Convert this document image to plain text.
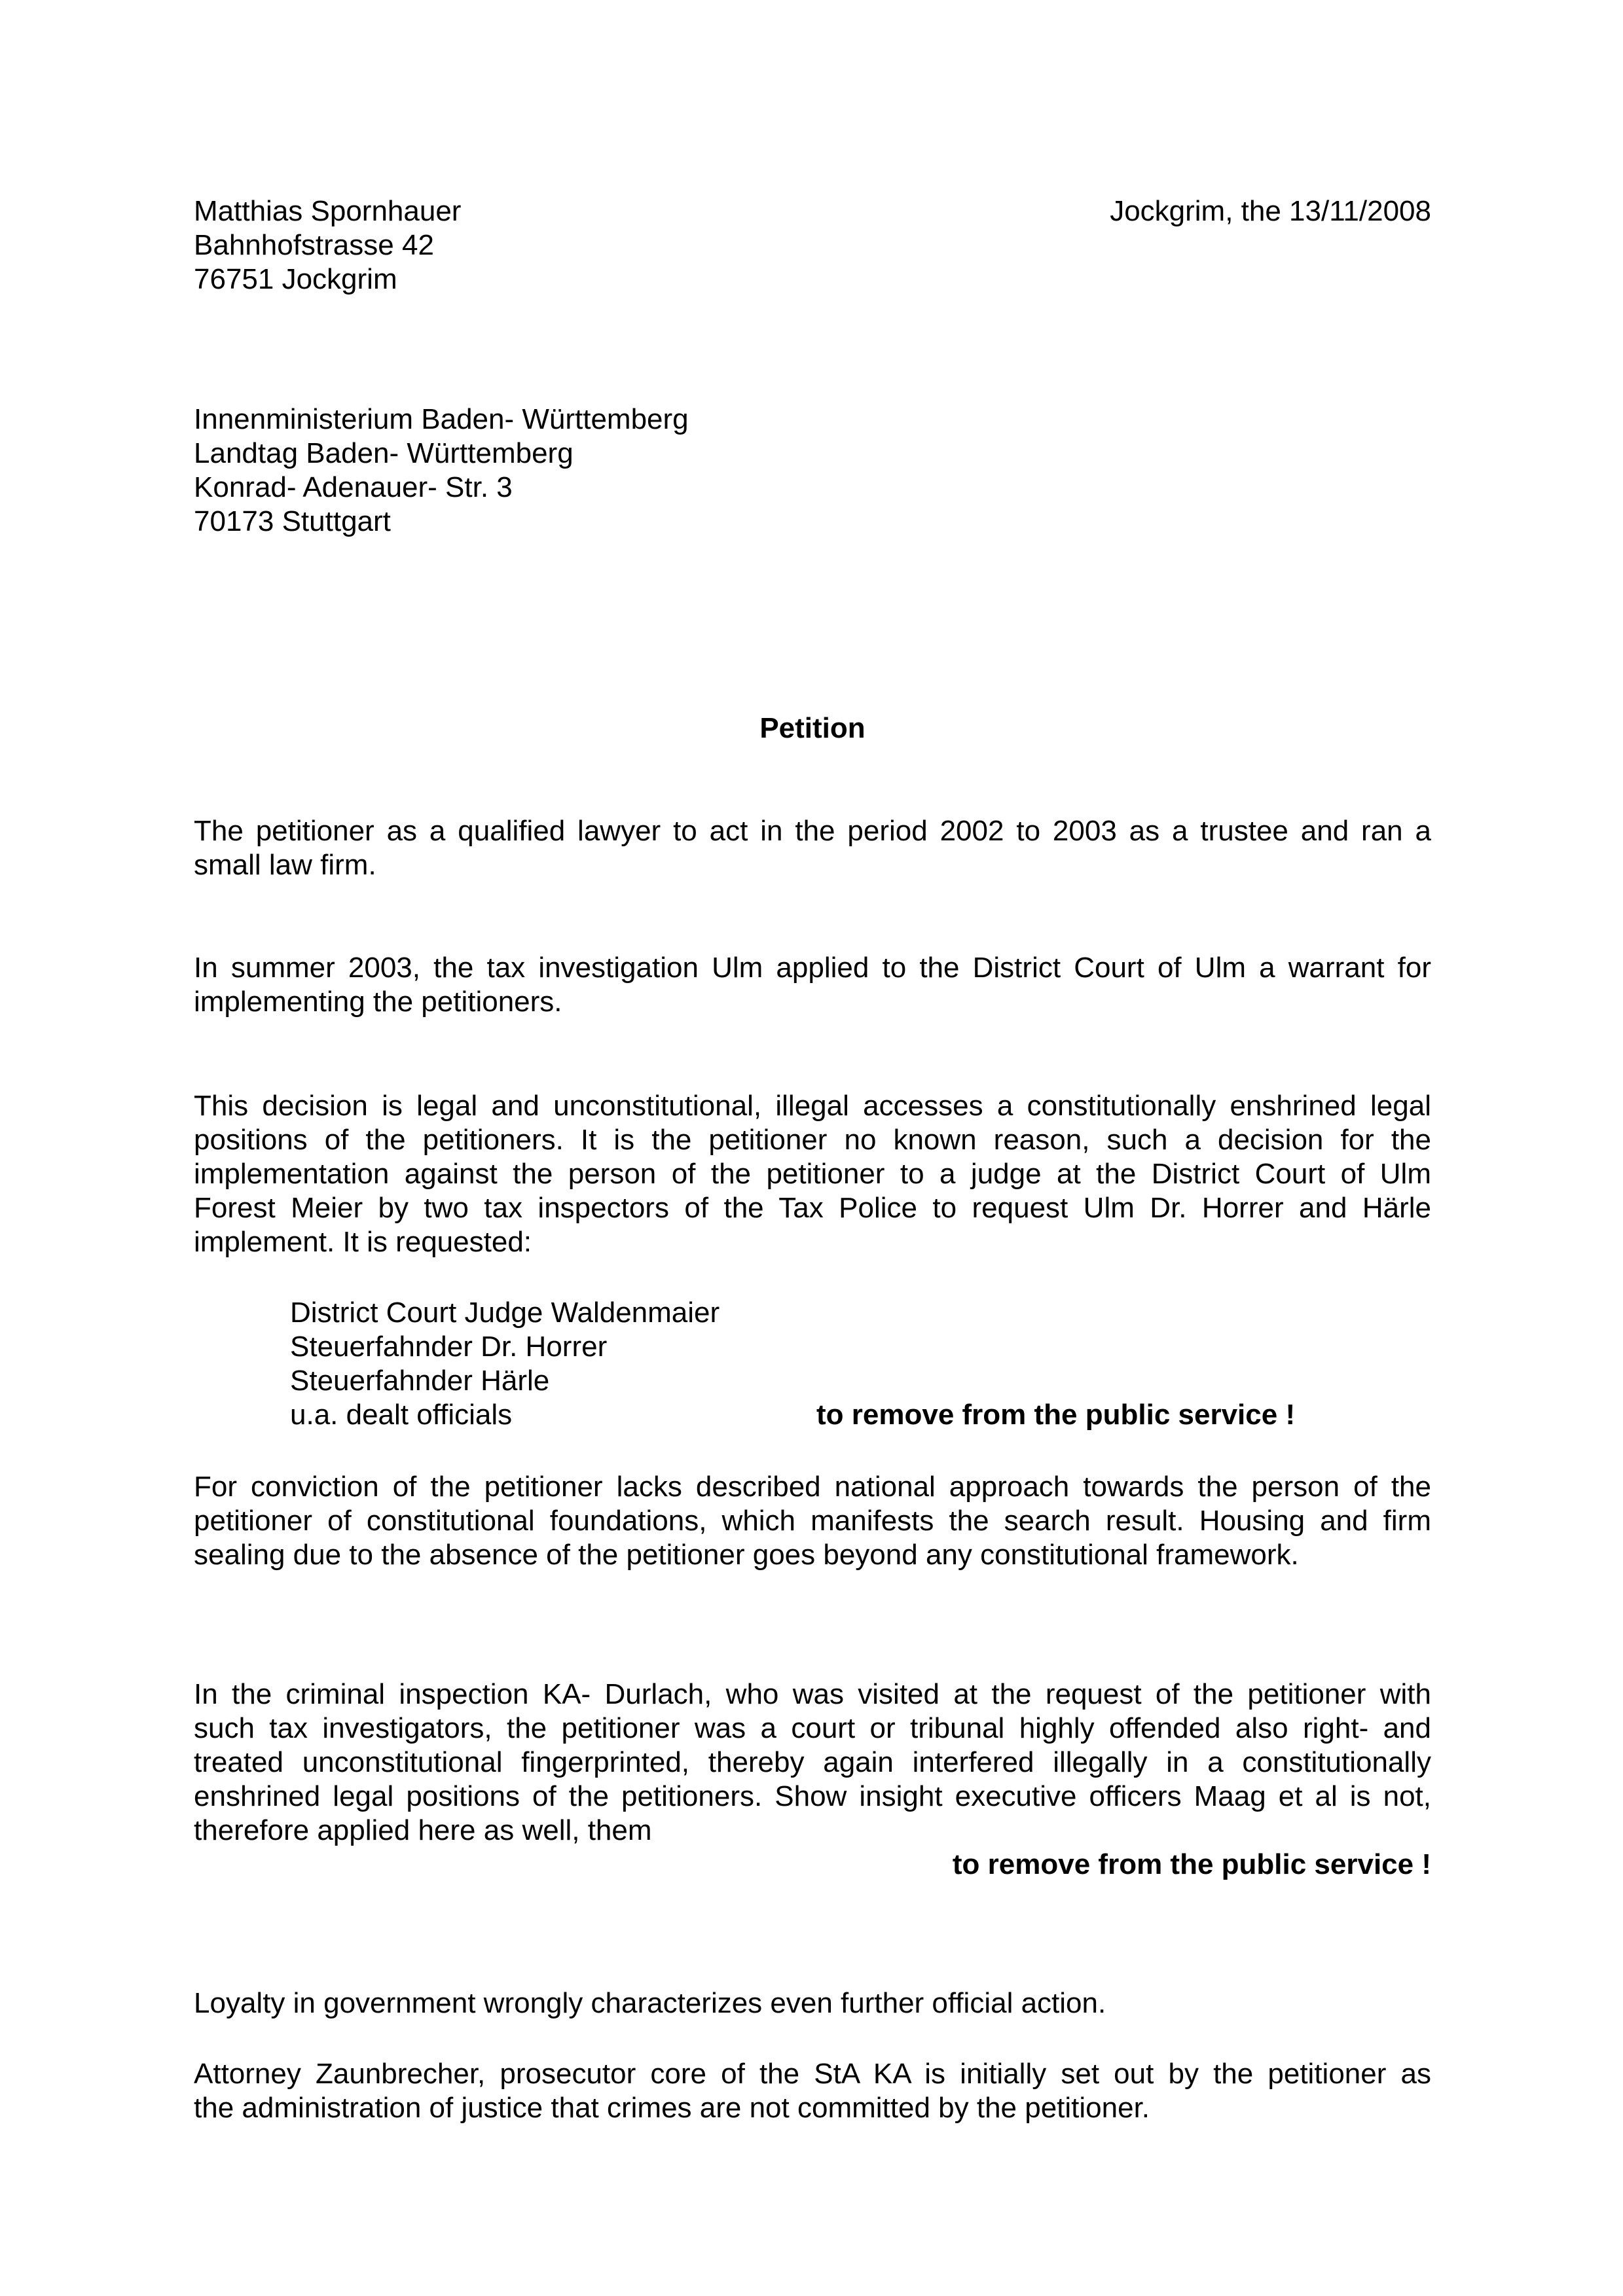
Matthias Spornhauer
Bahnhofstrasse 42
76751 Jockgrim
Jockgrim, the 13/11/2008
Innenministerium Baden- Württemberg
Landtag Baden- Württemberg
Konrad- Adenauer- Str. 3
70173 Stuttgart
Petition
The petitioner as a qualified lawyer to act in the period 2002 to 2003 as a trustee and ran a
small law firm.
In summer 2003, the tax investigation Ulm applied to the District Court of Ulm a warrant for
implementing the petitioners.
This decision is legal and unconstitutional, illegal accesses a constitutionally enshrined legal
positions of the petitioners. It is the petitioner no known reason, such a decision for the
implementation against the person of the petitioner to a judge at the District Court of Ulm
Forest Meier by two tax inspectors of the Tax Police to request Ulm Dr. Horrer and Härle
implement. It is requested:
District Court Judge Waldenmaier
Steuerfahnder Dr. Horrer
Steuerfahnder Härle
u.a. dealt officials	to remove from the public service !
For conviction of the petitioner lacks described national approach towards the person of the
petitioner of constitutional foundations, which manifests the search result. Housing and firm
sealing due to the absence of the petitioner goes beyond any constitutional framework.
In the criminal inspection KA- Durlach, who was visited at the request of the petitioner with
such tax investigators, the petitioner was a court or tribunal highly offended also right- and
treated unconstitutional fingerprinted, thereby again interfered illegally in a constitutionally
enshrined legal positions of the petitioners. Show insight executive officers Maag et al is not,
therefore applied here as well, them
to remove from the public service !
Loyalty in government wrongly characterizes even further official action.
Attorney Zaunbrecher, prosecutor core of the StA KA is initially set out by the petitioner as
the administration of justice that crimes are not committed by the petitioner.
